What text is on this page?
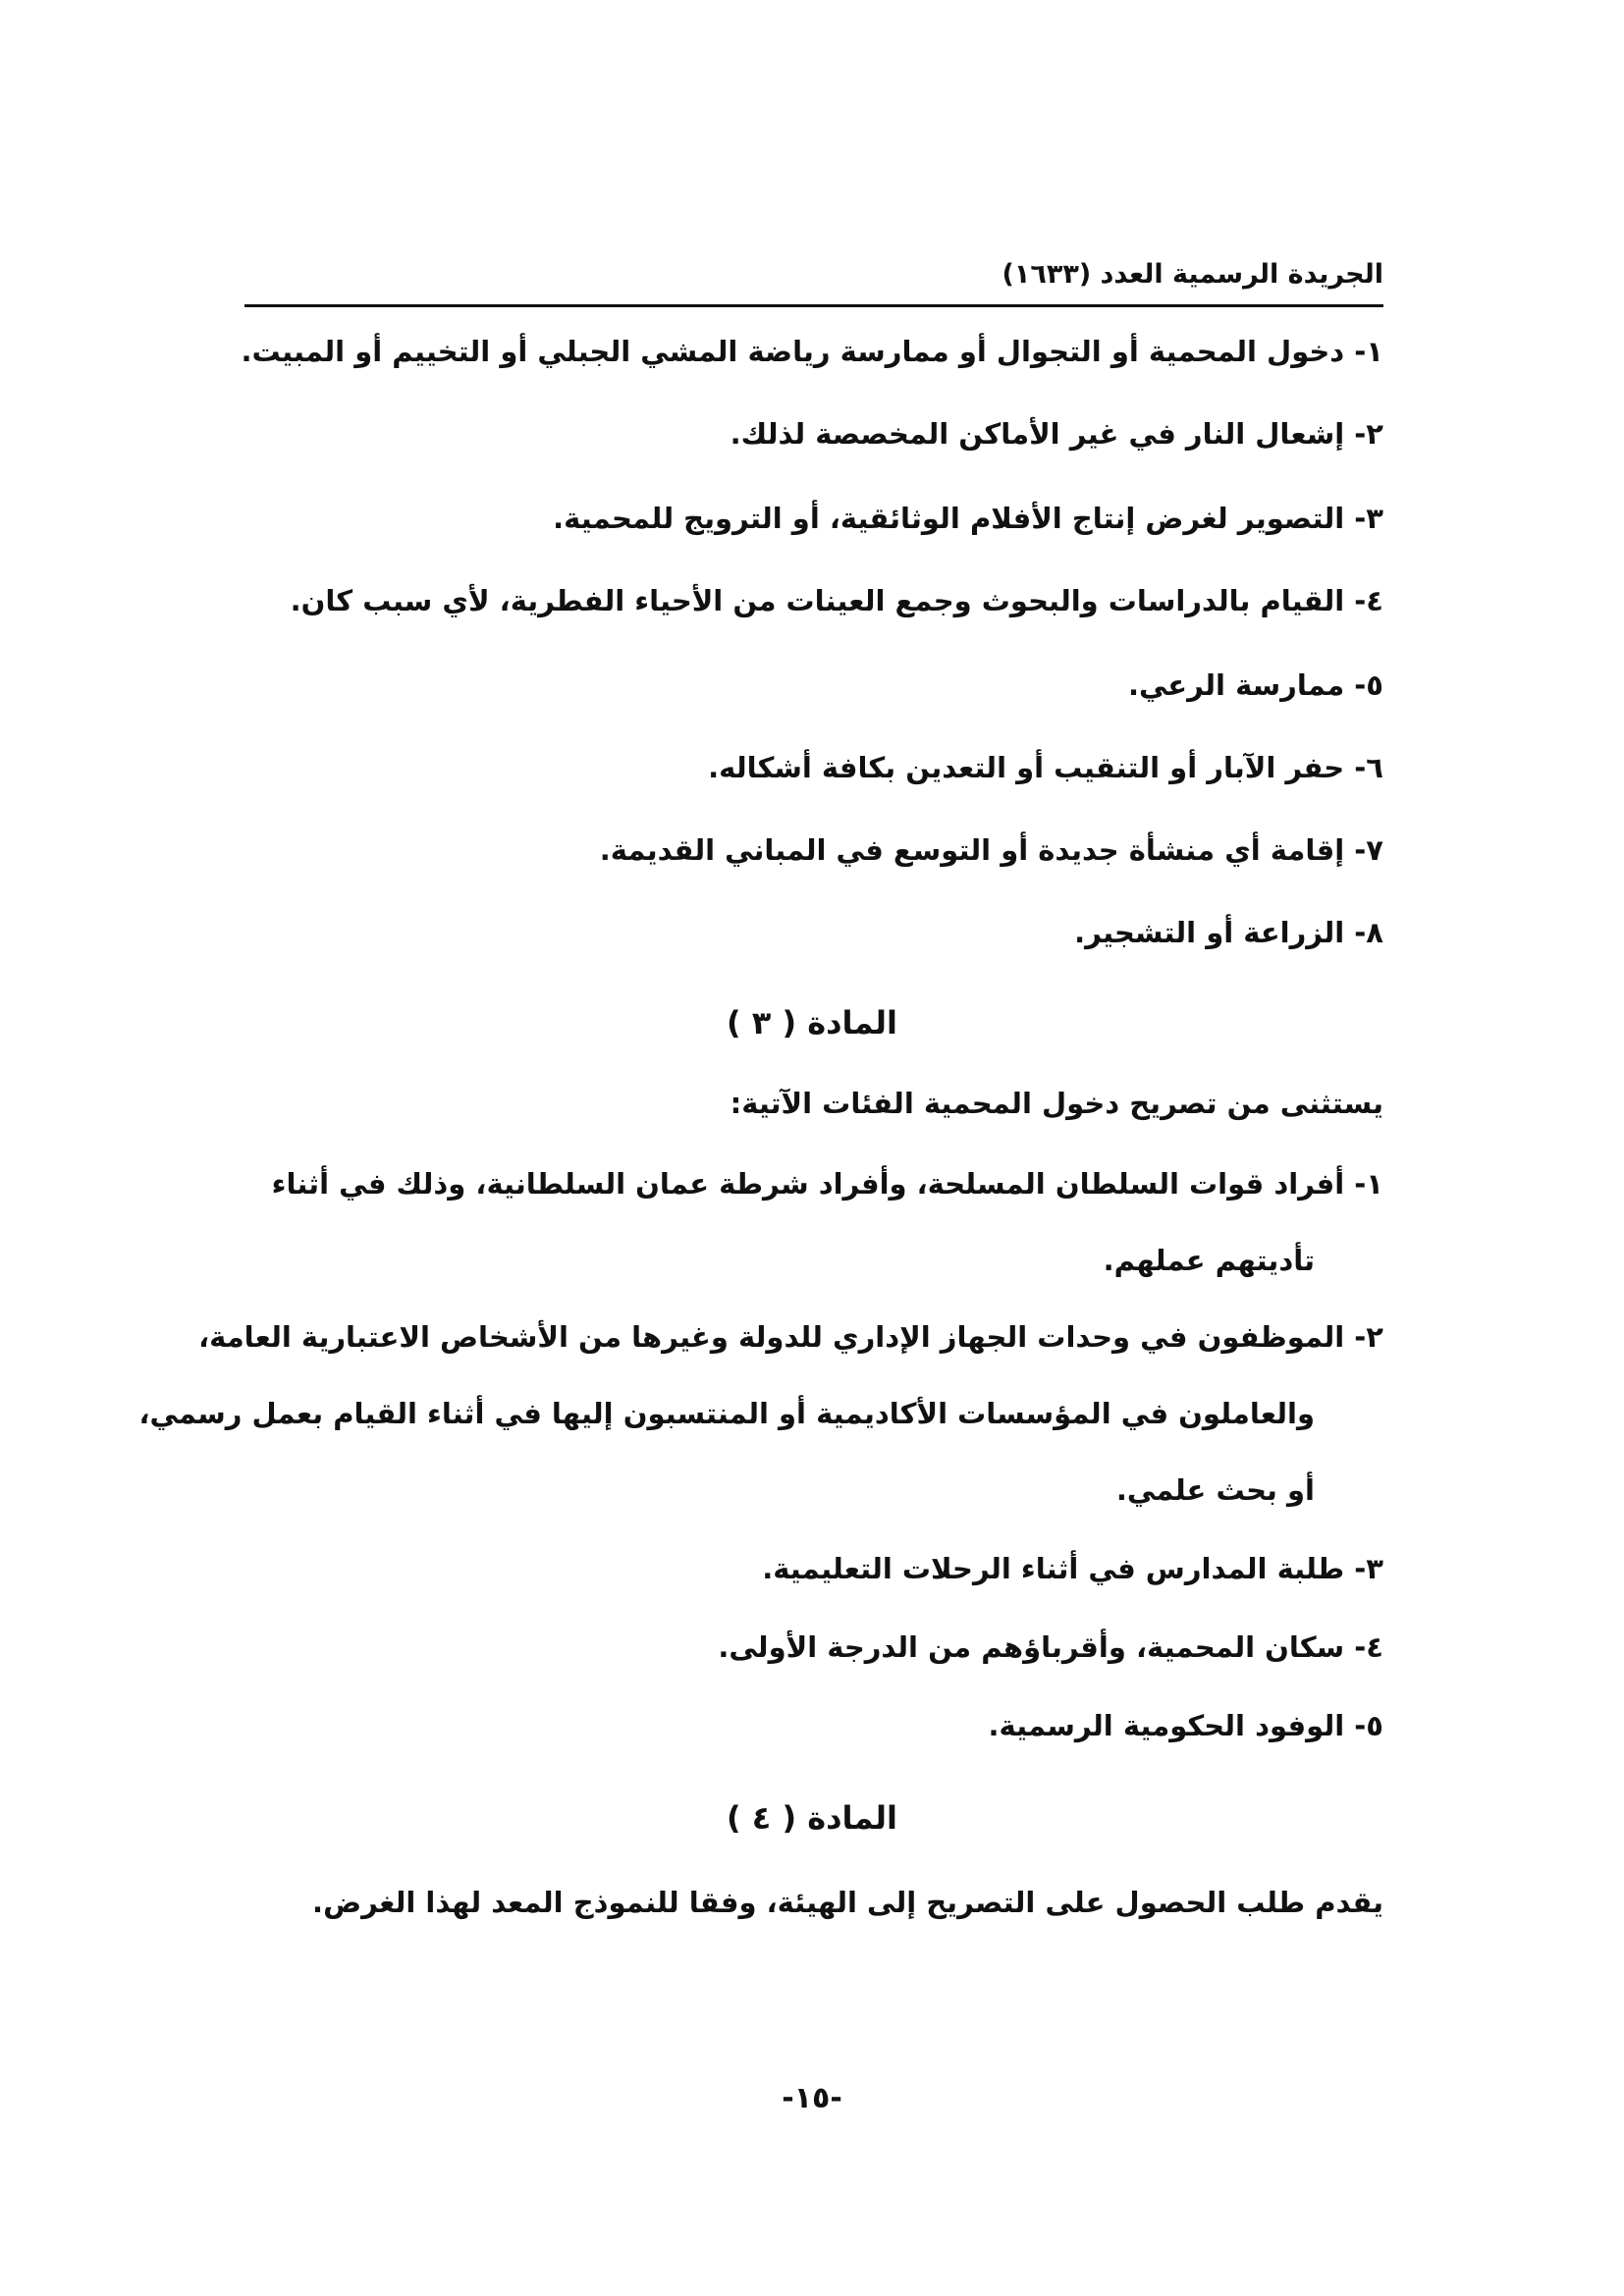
الجريدة الرسمية العدد (١٦٣٣)
١- دخول المحمية أو التجوال أو ممارسة رياضة المشي الجبلي أو التخييم أو المبيت.
٢- إشعال النار في غير الأماكن المخصصة لذلك.
٣- التصوير لغرض إنتاج الأفلام الوثائقية، أو الترويج للمحمية.
٤- القيام بالدراسات والبحوث وجمع العينات من الأحياء الفطرية، لأي سبب كان.
٥- ممارسة الرعي.
٦- حفر الآبار أو التنقيب أو التعدين بكافة أشكاله.
٧- إقامة أي منشأة جديدة أو التوسع في المباني القديمة.
٨- الزراعة أو التشجير.
المادة ( ٣ )
يستثنى من تصريح دخول المحمية الفئات الآتية:
١- أفراد قوات السلطان المسلحة، وأفراد شرطة عمان السلطانية، وذلك في أثناء
تأديتهم عملهم.
٢- الموظفون في وحدات الجهاز الإداري للدولة وغيرها من الأشخاص الاعتبارية العامة،
والعاملون في المؤسسات الأكاديمية أو المنتسبون إليها في أثناء القيام بعمل رسمي،
أو بحث علمي.
٣- طلبة المدارس في أثناء الرحلات التعليمية.
٤- سكان المحمية، وأقرباؤهم من الدرجة الأولى.
٥- الوفود الحكومية الرسمية.
المادة ( ٤ )
يقدم طلب الحصول على التصريح إلى الهيئة، وفقا للنموذج المعد لهذا الغرض.
-١٥-
